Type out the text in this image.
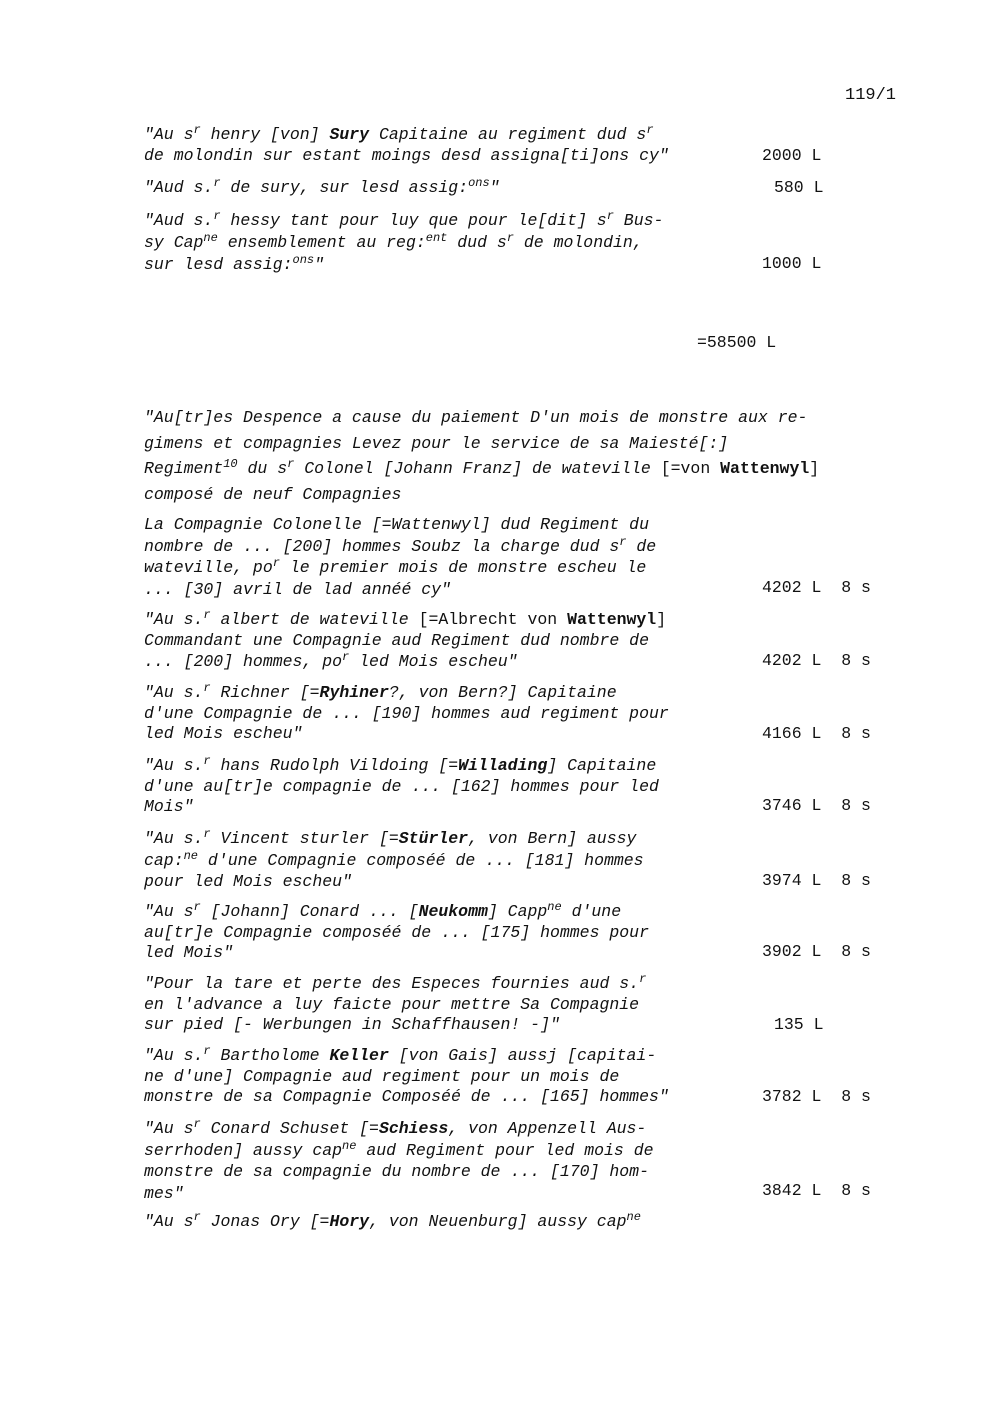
119/1
"Au $s^r$ henry [von] Sury Capitaine au regiment dud $s^r$
de molondin sur estant moings desd assigna[ti]ons cy"	2000 L
"Aud s.$^r$ de sury, sur lesd assig:$^{ons}$"	580 L
"Aud s.$^r$ hessy tant pour luy que pour le[dit] $s^r$ Bus-
sy Cap$^{ne}$ ensemblement au reg:$^{ent}$ dud $s^r$ de molondin,
sur lesd assig:$^{ons}$"	1000 L
=58500 L
"Au[tr]es Despence a cause du paiement D'un mois de monstre aux re-
gimens et compagnies Levez pour le service de sa Maiesté[:]
Regiment$^{10}$ du $s^r$ Colonel [Johann Franz] de wateville [=von Wattenwyl]
composé de neuf Compagnies
La Compagnie Colonelle [=Wattenwyl] dud Regiment du
nombre de ... [200] hommes Soubz la charge dud $s^r$ de
wateville, $po^r$ le premier mois de monstre escheu le
... [30] avril de lad annéé cy"	4202 L  8 s
"Au s.$^r$ albert de wateville [=Albrecht von Wattenwyl]
Commandant une Compagnie aud Regiment dud nombre de
... [200] hommes, $po^r$ led Mois escheu"	4202 L  8 s
"Au s.$^r$ Richner [=Ryhiner?, von Bern?] Capitaine
d'une Compagnie de ... [190] hommes aud regiment pour
led Mois escheu"	4166 L  8 s
"Au s.$^r$ hans Rudolph Vildoing [=Willading] Capitaine
d'une au[tr]e compagnie de ... [162] hommes pour led
Mois"	3746 L  8 s
"Au s.$^r$ Vincent sturler [=Stürler, von Bern] aussy
cap:$^{ne}$ d'une Compagnie composéé de ... [181] hommes
pour led Mois escheu"	3974 L  8 s
"Au $s^r$ [Johann] Conard ... [Neukomm] Capp$^{ne}$ d'une
au[tr]e Compagnie composéé de ... [175] hommes pour
led Mois"	3902 L  8 s
"Pour la tare et perte des Especes fournies aud s.$^r$
en l'advance a luy faicte pour mettre Sa Compagnie
sur pied [- Werbungen in Schaffhausen! -]"	135 L
"Au s.$^r$ Bartholome Keller [von Gais] aussj [capitai-
ne d'une] Compagnie aud regiment pour un mois de
monstre de sa Compagnie Composéé de ... [165] hommes"	3782 L  8 s
"Au $s^r$ Conard Schuset [=Schiess, von Appenzell Aus-
serrhoden] aussy cap$^{ne}$ aud Regiment pour led mois de
monstre de sa compagnie du nombre de ... [170] hom-
mes"	3842 L  8 s
"Au $s^r$ Jonas Ory [=Hory, von Neuenburg] aussy cap$^{ne}$
